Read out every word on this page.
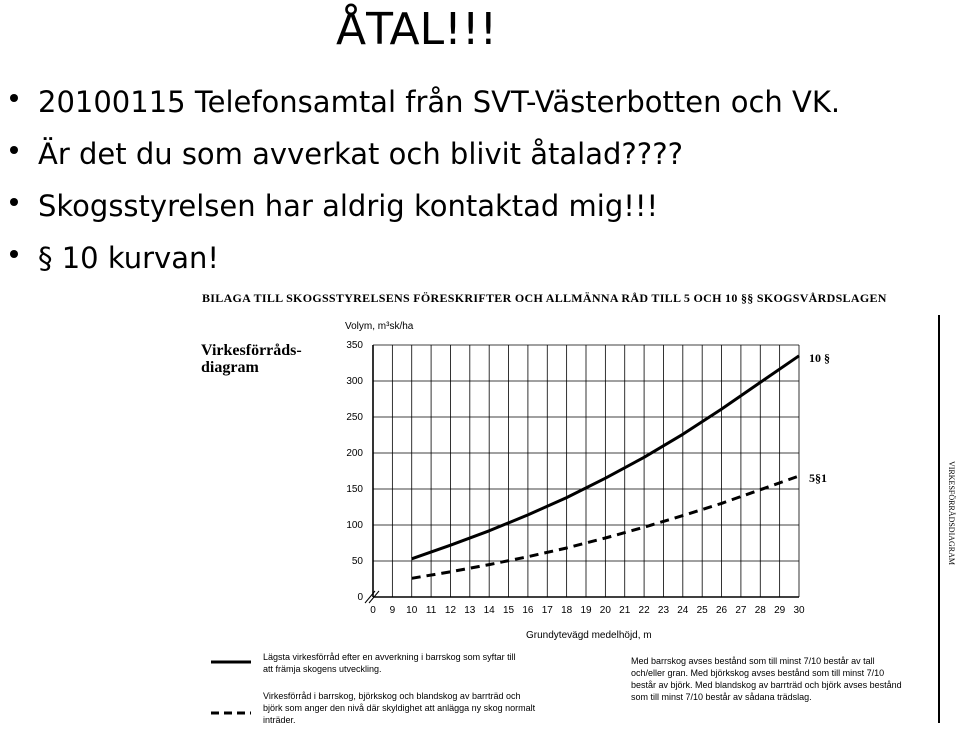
ÅTAL!!!
20100115 Telefonsamtal från SVT-Västerbotten och VK.
Är det du som avverkat och blivit åtalad????
Skogsstyrelsen har aldrig kontaktad mig!!!
§ 10 kurvan!
BILAGA TILL SKOGSSTYRELSENS FÖRESKRIFTER OCH ALLMÄNNA RÅD TILL 5 OCH 10 §§ SKOGSVÅRDSLAGEN
Virkesförråds-
diagram
VIRKESFÖRRÅDSDIAGRAM
Volym, m³sk/ha
Grundytevägd medelhöjd, m
0
50
100
150
200
250
300
350
0 9 10 11 12 13 14 15 16 17 18 19 20 21 22 23 24 25 26 27 28 29 30
10 §
5§1
Lägsta virkesförråd efter en avverkning i barrskog som syftar till
att främja skogens utveckling.
Virkesförråd i barrskog, björkskog och blandskog av barrträd och
björk som anger den nivå där skyldighet att anlägga ny skog normalt
inträder.
Med barrskog avses bestånd som till minst 7/10 består av tall
och/eller gran. Med björkskog avses bestånd som till minst 7/10
består av björk. Med blandskog av barrträd och björk avses bestånd
som till minst 7/10 består av sådana trädslag.
